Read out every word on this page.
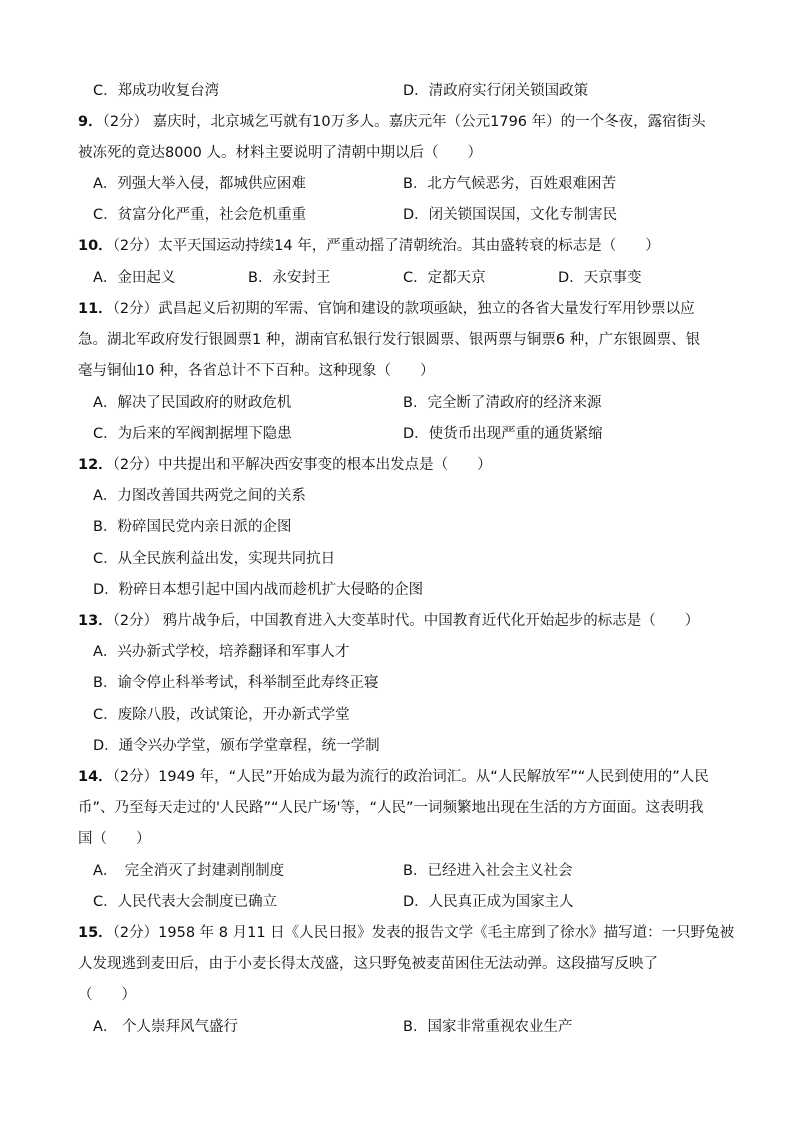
C．郑成功收复台湾	D．清政府实行闭关锁国政策
9．（2分） 嘉庆时，北京城乞丐就有10万多人。嘉庆元年（公元1796 年）的一个冬夜，露宿街头
被冻死的竟达8000 人。材料主要说明了清朝中期以后（　　）
A．列强大举入侵，都城供应困难	B．北方气候恶劣，百姓艰难困苦
C．贫富分化严重，社会危机重重	D．闭关锁国误国，文化专制害民
10．（2分）太平天国运动持续14 年，严重动摇了清朝统治。其由盛转衰的标志是（　　）
A．金田起义	B．永安封王	C．定都天京	D．天京事变
11．（2分）武昌起义后初期的军需、官饷和建设的款项亟缺，独立的各省大量发行军用钞票以应
急。湖北军政府发行银圆票1 种，湖南官私银行发行银圆票、银两票与铜票6 种，广东银圆票、银
毫与铜仙10 种，各省总计不下百种。这种现象（　　）
A．解决了民国政府的财政危机	B．完全断了清政府的经济来源
C．为后来的军阀割据埋下隐患	D．使货币出现严重的通货紧缩
12．（2分）中共提出和平解决西安事变的根本出发点是（　　）
A．力图改善国共两党之间的关系
B．粉碎国民党内亲日派的企图
C．从全民族利益出发，实现共同抗日
D．粉碎日本想引起中国内战而趁机扩大侵略的企图
13．（2分） 鸦片战争后，中国教育进入大变革时代。中国教育近代化开始起步的标志是（　　）
A．兴办新式学校，培养翻译和军事人才
B．谕令停止科举考试，科举制至此寿终正寝
C．废除八股，改试策论，开办新式学堂
D．通令兴办学堂，颁布学堂章程，统一学制
14．（2分）1949 年，“人民”开始成为最为流行的政治词汇。从“人民解放军”“人民到使用的”人民
币”、乃至每天走过的'人民路”“人民广场'等，“人民”一词频繁地出现在生活的方方面面。这表明我
国（　　）
A．　完全消灭了封建剥削制度	B．已经进入社会主义社会
C．人民代表大会制度已确立	D．人民真正成为国家主人
15．（2分）1958 年 8 月11 日《人民日报》发表的报告文学《毛主席到了徐水》描写道：一只野兔被
人发现逃到麦田后，由于小麦长得太茂盛，这只野兔被麦苗困住无法动弹。这段描写反映了
（　　）
A． 个人崇拜风气盛行	B．国家非常重视农业生产
